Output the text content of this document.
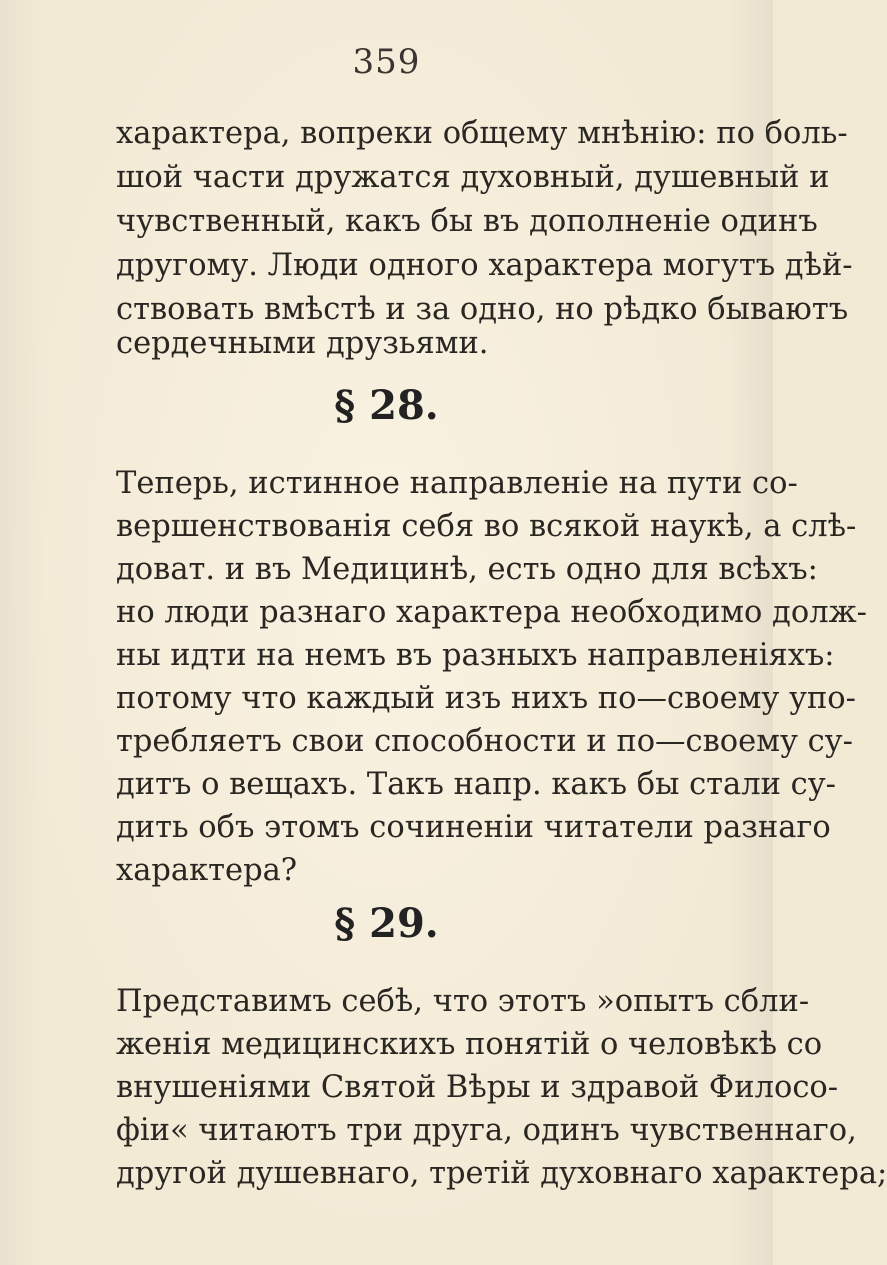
359
характера, вопреки общему мнѣнію: по боль-
шой части дружатся духовный, душевный и
чувственный, какъ бы въ дополненіе одинъ
другому. Люди одного характера могутъ дѣй-
ствовать вмѣстѣ и за одно, но рѣдко бываютъ
сердечными друзьями.
§ 28.
Теперь, истинное направленіе на пути со-
вершенствованія себя во всякой наукѣ, а слѣ-
доват. и въ Медицинѣ, есть одно для всѣхъ:
но люди разнаго характера необходимо долж-
ны идти на немъ въ разныхъ направленіяхъ:
потому что каждый изъ нихъ по—своему упо-
требляетъ свои способности и по—своему су-
дитъ о вещахъ. Такъ напр. какъ бы стали су-
дить объ этомъ сочиненіи читатели разнаго
характера?
§ 29.
Представимъ себѣ, что этотъ »опытъ сбли-
женія медицинскихъ понятій о человѣкѣ со
внушеніями Святой Вѣры и здравой Филосо-
фіи« читаютъ три друга, одинъ чувственнаго,
другой душевнаго, третій духовнаго характера;
